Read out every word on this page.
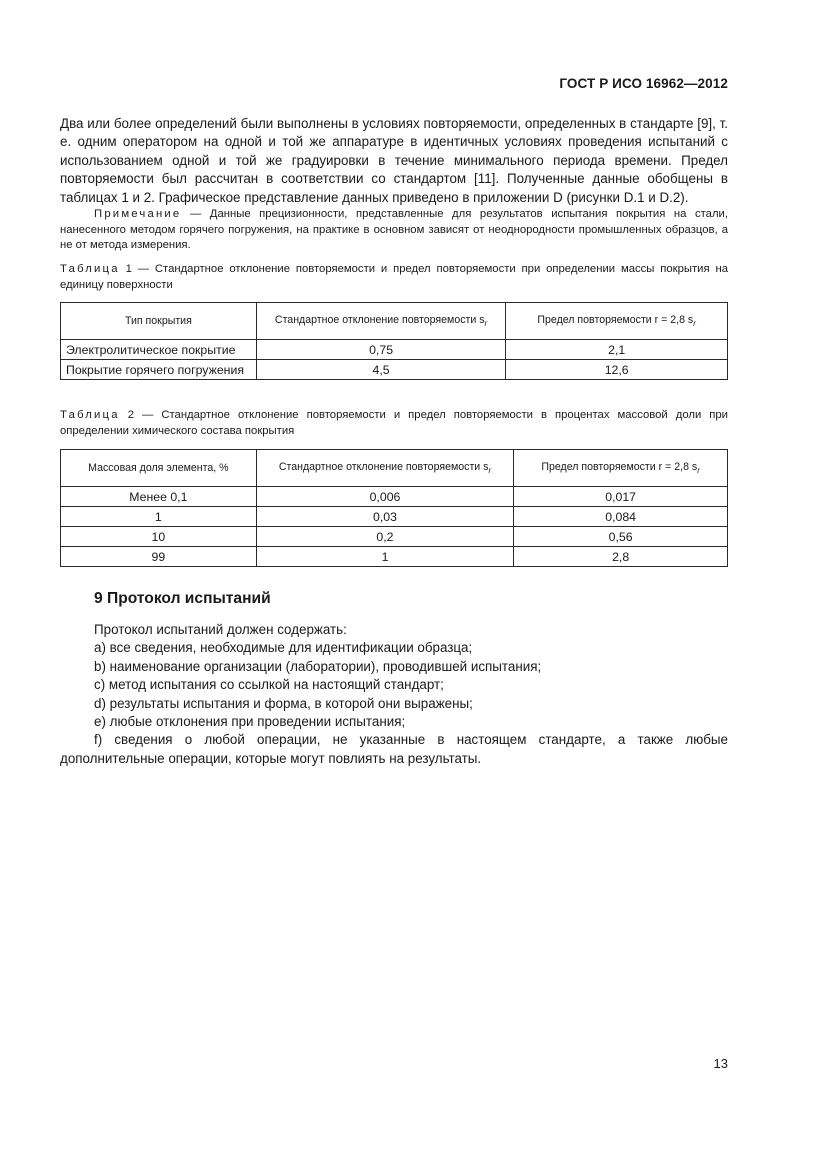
ГОСТ Р ИСО 16962—2012
Два или более определений были выполнены в условиях повторяемости, определенных в стандарте [9], т. е. одним оператором на одной и той же аппаратуре в идентичных условиях проведения испытаний с использованием одной и той же градуировки в течение минимального периода времени. Предел повторяемости был рассчитан в соответствии со стандартом [11]. Полученные данные обобщены в таблицах 1 и 2. Графическое представление данных приведено в приложении D (рисунки D.1 и D.2).
Примечание — Данные прецизионности, представленные для результатов испытания покрытия на стали, нанесенного методом горячего погружения, на практике в основном зависят от неоднородности промышленных образцов, а не от метода измерения.
Таблица 1 — Стандартное отклонение повторяемости и предел повторяемости при определении массы покрытия на единицу поверхности
Тип покрытия	Стандартное отклонение повторяемости $s_r$	Предел повторяемости r = 2,8 $s_r$
Электролитическое покрытие	0,75	2,1
Покрытие горячего погружения	4,5	12,6
Таблица 2 — Стандартное отклонение повторяемости и предел повторяемости в процентах массовой доли при определении химического состава покрытия
Массовая доля элемента, %	Стандартное отклонение повторяемости $s_r$	Предел повторяемости r = 2,8 $s_r$
Менее 0,1	0,006	0,017
1	0,03	0,084
10	0,2	0,56
99	1	2,8
9 Протокол испытаний
Протокол испытаний должен содержать:
a) все сведения, необходимые для идентификации образца;
b) наименование организации (лаборатории), проводившей испытания;
c) метод испытания со ссылкой на настоящий стандарт;
d) результаты испытания и форма, в которой они выражены;
e) любые отклонения при проведении испытания;
f) сведения о любой операции, не указанные в настоящем стандарте, а также любые дополнительные операции, которые могут повлиять на результаты.
13
